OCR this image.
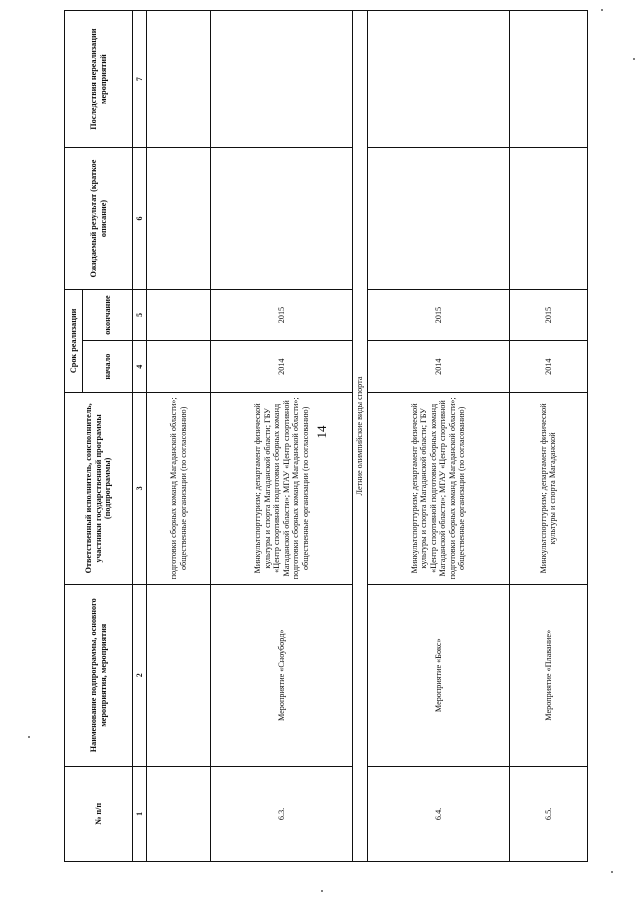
14
№ п/п	Наименование подпрограммы, основного мероприятия, мероприятия	Ответственный исполнитель, соисполнитель, участники государственной программы (подпрограммы)	Срок реализации		Ожидаемый результат (краткое описание)	Последствия нереализации мероприятий
			начало	окончание		
1	2	3	4	5	6	7
		подготовки сборных команд Магаданской области»; общественные организации (по согласованию)				
6.3.	Мероприятие «Сноуборд»	Минкультспорттуризм; департамент физической культуры и спорта Магаданской области; ГБУ «Центр спортивной подготовки сборных команд Магаданской области»; МГАУ «Центр спортивной подготовки сборных команд Магаданской области»; общественные организации (по согласованию)	2014	2015		
Летние олимпийские виды спорта						
6.4.	Мероприятие «Бокс»	Минкультспорттуризм; департамент физической культуры и спорта Магаданской области; ГБУ «Центр спортивной подготовки сборных команд Магаданской области»; МГАУ «Центр спортивной подготовки сборных команд Магаданской области»; общественные организации (по согласованию)	2014	2015		
6.5.	Мероприятие «Плавание»	Минкультспорттуризм; департамент физической культуры и спорта Магаданской	2014	2015		
